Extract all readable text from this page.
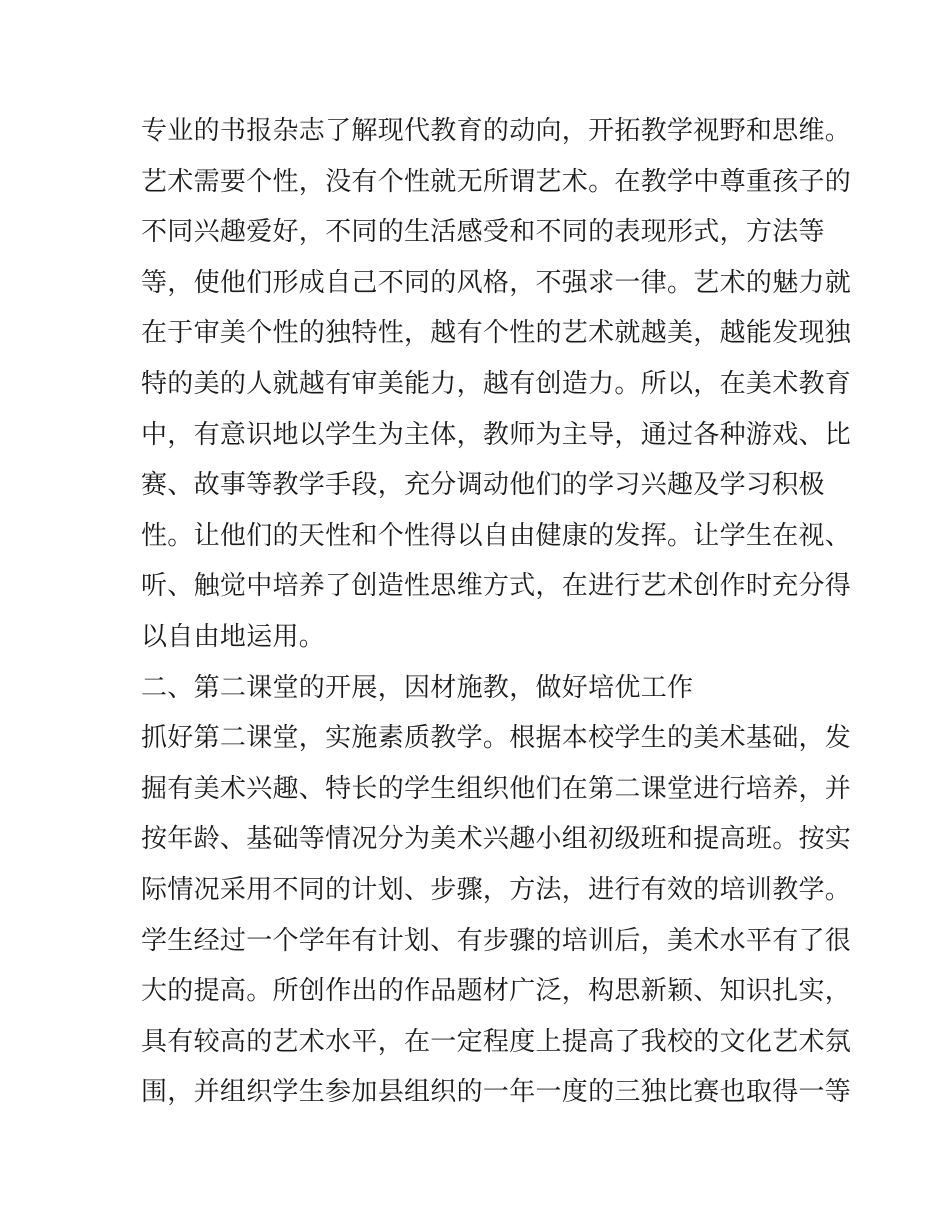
专业的书报杂志了解现代教育的动向，开拓教学视野和思维。
艺术需要个性，没有个性就无所谓艺术。在教学中尊重孩子的
不同兴趣爱好，不同的生活感受和不同的表现形式，方法等
等，使他们形成自己不同的风格，不强求一律。艺术的魅力就
在于审美个性的独特性，越有个性的艺术就越美，越能发现独
特的美的人就越有审美能力，越有创造力。所以，在美术教育
中，有意识地以学生为主体，教师为主导，通过各种游戏、比
赛、故事等教学手段，充分调动他们的学习兴趣及学习积极
性。让他们的天性和个性得以自由健康的发挥。让学生在视、
听、触觉中培养了创造性思维方式，在进行艺术创作时充分得
以自由地运用。
二、第二课堂的开展，因材施教，做好培优工作
抓好第二课堂，实施素质教学。根据本校学生的美术基础，发
掘有美术兴趣、特长的学生组织他们在第二课堂进行培养，并
按年龄、基础等情况分为美术兴趣小组初级班和提高班。按实
际情况采用不同的计划、步骤，方法，进行有效的培训教学。
学生经过一个学年有计划、有步骤的培训后，美术水平有了很
大的提高。所创作出的作品题材广泛，构思新颖、知识扎实，
具有较高的艺术水平，在一定程度上提高了我校的文化艺术氛
围，并组织学生参加县组织的一年一度的三独比赛也取得一等
